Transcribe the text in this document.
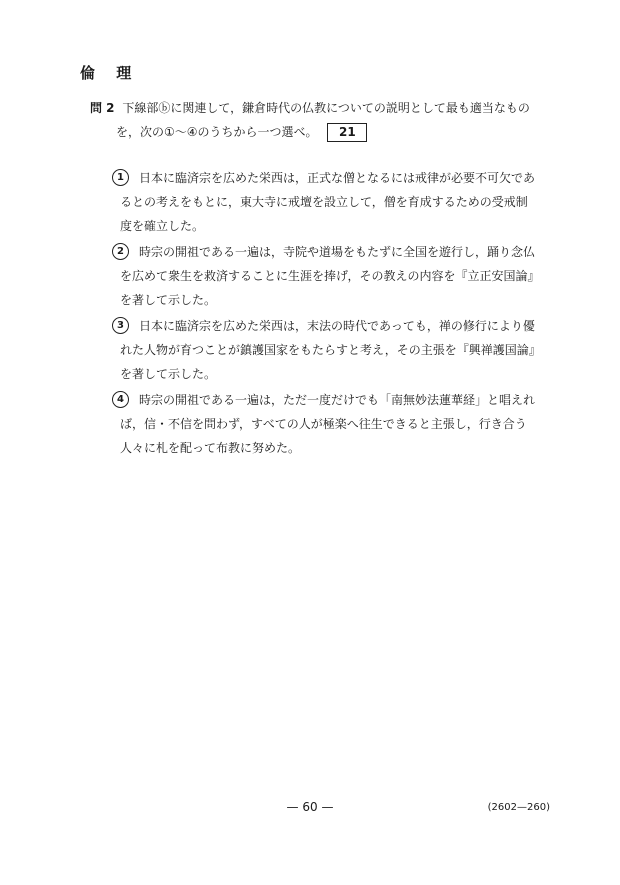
倫 理
問 2 下線部ⓑに関連して，鎌倉時代の仏教についての説明として最も適当なもの
を，次の①～④のうちから一つ選べ。 21
1 日本に臨済宗を広めた栄西は，正式な僧となるには戒律が必要不可欠であ
るとの考えをもとに，東大寺に戒壇を設立して，僧を育成するための受戒制
度を確立した。
2 時宗の開祖である一遍は，寺院や道場をもたずに全国を遊行し，踊り念仏
を広めて衆生を救済することに生涯を捧げ，その教えの内容を『立正安国論』
を著して示した。
3 日本に臨済宗を広めた栄西は，末法の時代であっても，禅の修行により優
れた人物が育つことが鎮護国家をもたらすと考え，その主張を『興禅護国論』
を著して示した。
4 時宗の開祖である一遍は，ただ一度だけでも「南無妙法蓮華経」と唱えれ
ば，信・不信を問わず，すべての人が極楽へ往生できると主張し，行き合う
人々に札を配って布教に努めた。
— 60 —	(2602—260)
